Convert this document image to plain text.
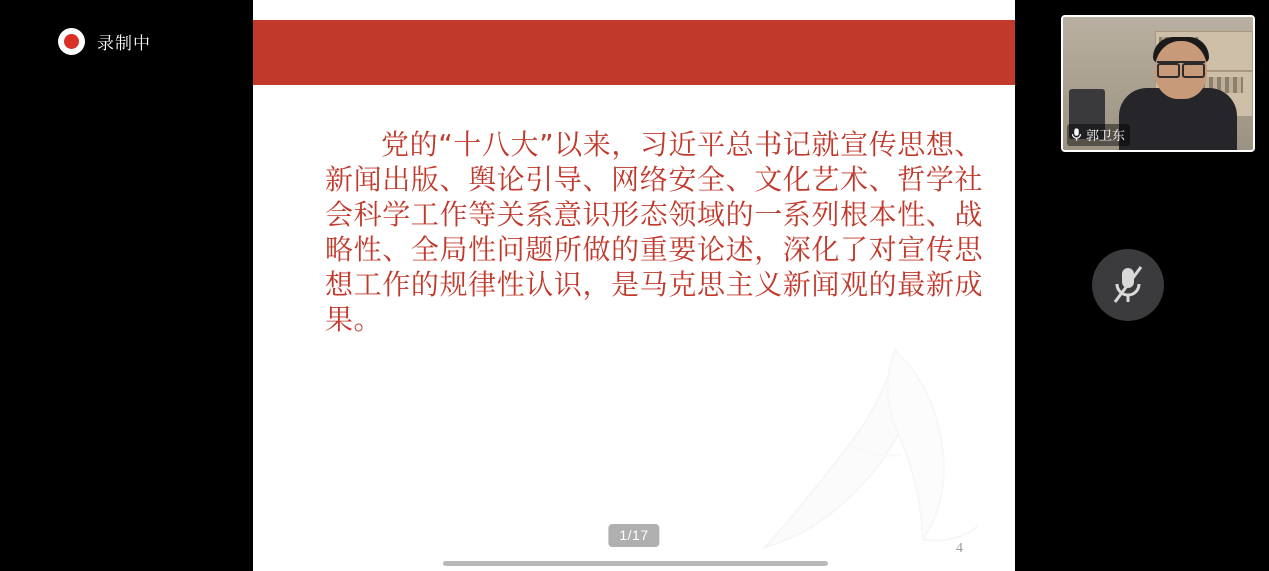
录制中
党的“十八大”以来，习近平总书记就宣传思想、新闻出版、舆论引导、网络安全、文化艺术、哲学社会科学工作等关系意识形态领域的一系列根本性、战略性、全局性问题所做的重要论述，深化了对宣传思想工作的规律性认识，是马克思主义新闻观的最新成果。
4
1/17
郭卫东
